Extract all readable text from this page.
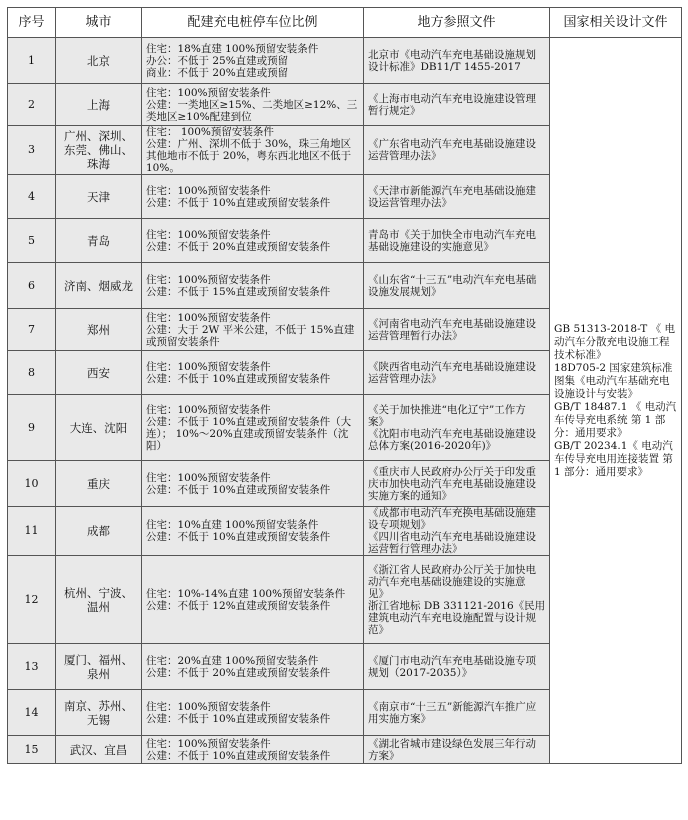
序号	城市	配建充电桩停车位比例	地方参照文件	国家相关设计文件
1	北京	住宅：18%直建 100%预留安装条件
办公：不低于 25%直建或预留
商业：不低于 20%直建或预留	北京市《电动汽车充电基础设施规划设计标准》DB11/T 1455-2017	GB 51313-2018-T 《 电动汽车分散充电设施工程技术标准》
18D705-2 国家建筑标准图集《电动汽车基础充电设施设计与安装》
GB/T 18487.1 《 电动汽车传导充电系统 第 1 部分：通用要求》
GB/T 20234.1《 电动汽车传导充电用连接装置 第 1 部分：通用要求》
2	上海	住宅：100%预留安装条件
公建：一类地区≥15%、二类地区≥12%、三类地区≥10%配建到位	《上海市电动汽车充电设施建设管理暂行规定》	
3	广州、深圳、东莞、佛山、珠海	住宅： 100%预留安装条件
公建：广州、深圳不低于 30%，珠三角地区其他地市不低于 20%，粤东西北地区不低于 10%。	《广东省电动汽车充电基础设施建设运营管理办法》	
4	天津	住宅：100%预留安装条件
公建：不低于 10%直建或预留安装条件	《天津市新能源汽车充电基础设施建设运营管理办法》	
5	青岛	住宅：100%预留安装条件
公建：不低于 20%直建或预留安装条件	青岛市《关于加快全市电动汽车充电基础设施建设的实施意见》	
6	济南、烟威龙	住宅：100%预留安装条件
公建：不低于 15%直建或预留安装条件	《山东省“十三五”电动汽车充电基础设施发展规划》	
7	郑州	住宅：100%预留安装条件
公建：大于 2W 平米公建，不低于 15%直建或预留安装条件	《河南省电动汽车充电基础设施建设运营管理暂行办法》	
8	西安	住宅：100%预留安装条件
公建：不低于 10%直建或预留安装条件	《陕西省电动汽车充电基础设施建设运营管理办法》	
9	大连、沈阳	住宅：100%预留安装条件
公建：不低于 10%直建或预留安装条件（大连）； 10%～20%直建或预留安装条件（沈阳）	《关于加快推进“电化辽宁”工作方案》
《沈阳市电动汽车充电基础设施建设总体方案(2016-2020年)》	
10	重庆	住宅：100%预留安装条件
公建：不低于 10%直建或预留安装条件	《重庆市人民政府办公厅关于印发重庆市加快电动汽车充电基础设施建设实施方案的通知》	
11	成都	住宅：10%直建 100%预留安装条件
公建：不低于 10%直建或预留安装条件	《成都市电动汽车充换电基础设施建设专项规划》
《四川省电动汽车充电基础设施建设运营暂行管理办法》	
12	杭州、宁波、温州	住宅：10%-14%直建 100%预留安装条件
公建：不低于 12%直建或预留安装条件	《浙江省人民政府办公厅关于加快电动汽车充电基础设施建设的实施意见》
浙江省地标 DB 331121-2016《民用建筑电动汽车充电设施配置与设计规范》	
13	厦门、福州、泉州	住宅：20%直建 100%预留安装条件
公建：不低于 20%直建或预留安装条件	《厦门市电动汽车充电基础设施专项规划（2017-2035）》	
14	南京、苏州、无锡	住宅：100%预留安装条件
公建：不低于 10%直建或预留安装条件	《南京市“十三五”新能源汽车推广应用实施方案》	
15	武汉、宜昌	住宅：100%预留安装条件
公建：不低于 10%直建或预留安装条件	《湖北省城市建设绿色发展三年行动方案》	
